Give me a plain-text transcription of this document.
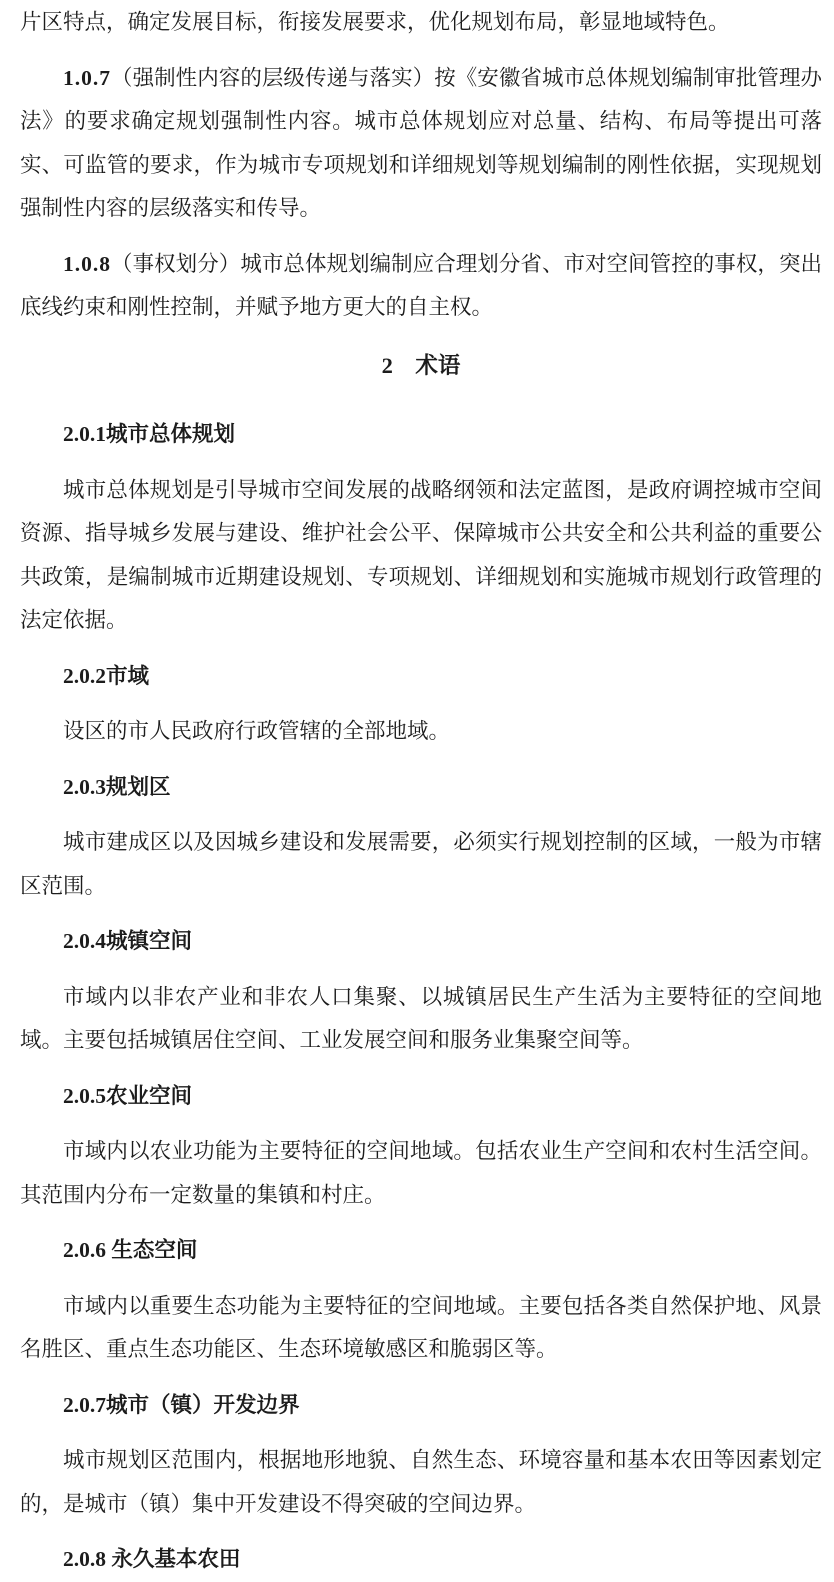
片区特点，确定发展目标，衔接发展要求，优化规划布局，彰显地域特色。

1.0.7（强制性内容的层级传递与落实）按《安徽省城市总体规划编制审批管理办法》的要求确定规划强制性内容。城市总体规划应对总量、结构、布局等提出可落实、可监管的要求，作为城市专项规划和详细规划等规划编制的刚性依据，实现规划强制性内容的层级落实和传导。

1.0.8（事权划分）城市总体规划编制应合理划分省、市对空间管控的事权，突出底线约束和刚性控制，并赋予地方更大的自主权。

2　术语

2.0.1城市总体规划

城市总体规划是引导城市空间发展的战略纲领和法定蓝图，是政府调控城市空间资源、指导城乡发展与建设、维护社会公平、保障城市公共安全和公共利益的重要公共政策，是编制城市近期建设规划、专项规划、详细规划和实施城市规划行政管理的法定依据。

2.0.2市域

设区的市人民政府行政管辖的全部地域。

2.0.3规划区

城市建成区以及因城乡建设和发展需要，必须实行规划控制的区域，一般为市辖区范围。

2.0.4城镇空间

市域内以非农产业和非农人口集聚、以城镇居民生产生活为主要特征的空间地域。主要包括城镇居住空间、工业发展空间和服务业集聚空间等。

2.0.5农业空间

市域内以农业功能为主要特征的空间地域。包括农业生产空间和农村生活空间。其范围内分布一定数量的集镇和村庄。

2.0.6 生态空间

市域内以重要生态功能为主要特征的空间地域。主要包括各类自然保护地、风景名胜区、重点生态功能区、生态环境敏感区和脆弱区等。

2.0.7城市（镇）开发边界

城市规划区范围内，根据地形地貌、自然生态、环境容量和基本农田等因素划定的，是城市（镇）集中开发建设不得突破的空间边界。

2.0.8 永久基本农田
